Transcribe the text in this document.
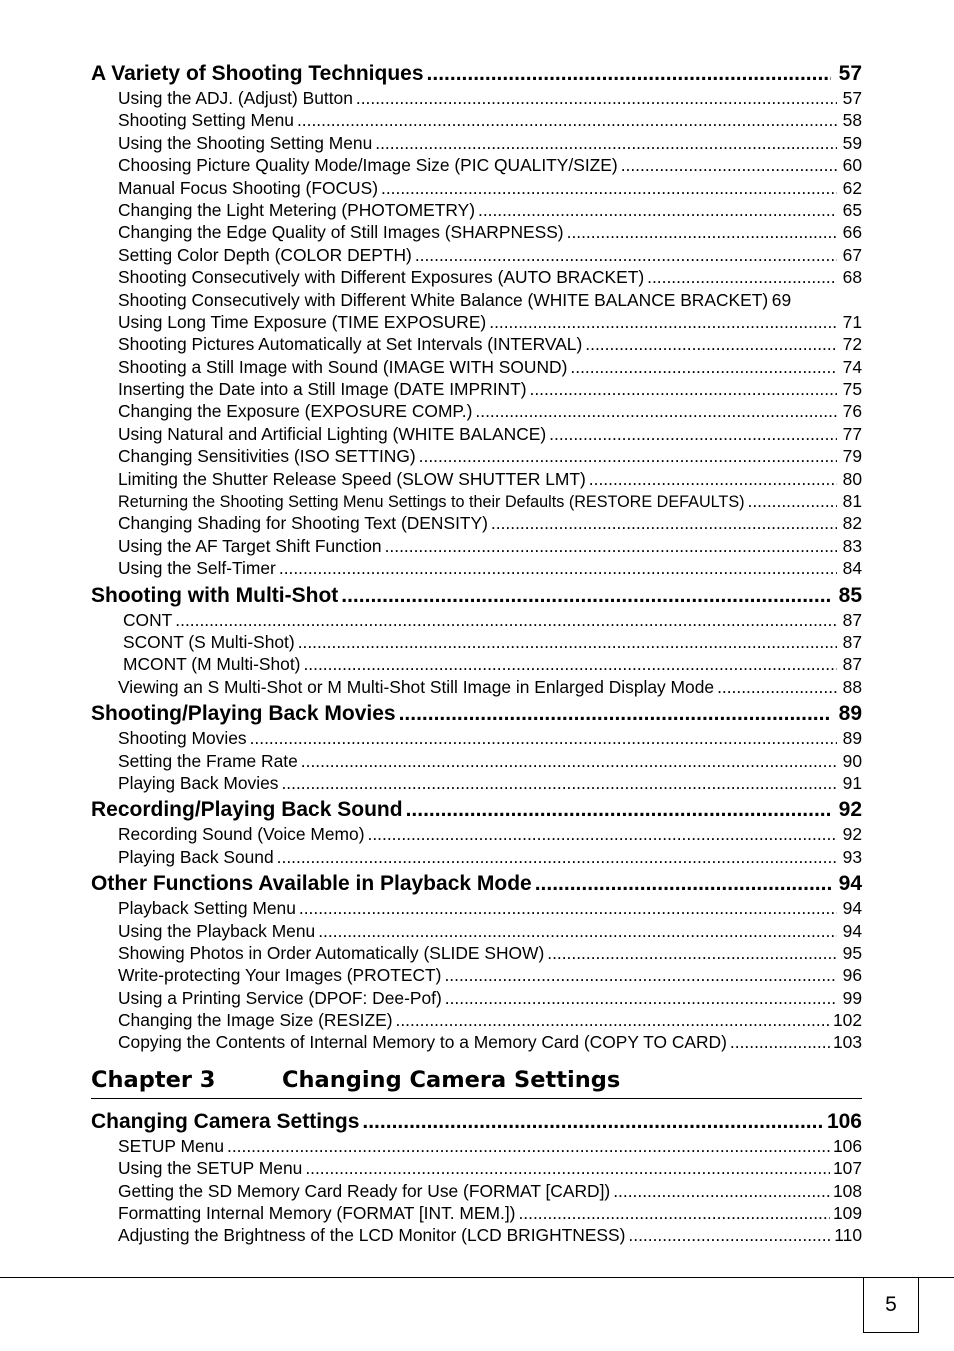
A Variety of Shooting Techniques .....	57
Using the ADJ. (Adjust) Button .....	57
Shooting Setting Menu .....	58
Using the Shooting Setting Menu .....	59
Choosing Picture Quality Mode/Image Size (PIC QUALITY/SIZE) .....	60
Manual Focus Shooting (FOCUS) .....	62
Changing the Light Metering (PHOTOMETRY) .....	65
Changing the Edge Quality of Still Images (SHARPNESS) .....	66
Setting Color Depth (COLOR DEPTH) .....	67
Shooting Consecutively with Different Exposures (AUTO BRACKET) .....	68
Shooting Consecutively with Different White Balance (WHITE BALANCE BRACKET) 69
Using Long Time Exposure (TIME EXPOSURE) .....	71
Shooting Pictures Automatically at Set Intervals (INTERVAL) .....	72
Shooting a Still Image with Sound (IMAGE WITH SOUND) .....	74
Inserting the Date into a Still Image (DATE IMPRINT) .....	75
Changing the Exposure (EXPOSURE COMP.) .....	76
Using Natural and Artificial Lighting (WHITE BALANCE) .....	77
Changing Sensitivities (ISO SETTING) .....	79
Limiting the Shutter Release Speed (SLOW SHUTTER LMT) .....	80
Returning the Shooting Setting Menu Settings to their Defaults (RESTORE DEFAULTS) .....	81
Changing Shading for Shooting Text (DENSITY) .....	82
Using the AF Target Shift Function .....	83
Using the Self-Timer .....	84
Shooting with Multi-Shot .....	85
CONT .....	87
SCONT (S Multi-Shot) .....	87
MCONT (M Multi-Shot) .....	87
Viewing an S Multi-Shot or M Multi-Shot Still Image in Enlarged Display Mode .....	88
Shooting/Playing Back Movies .....	89
Shooting Movies .....	89
Setting the Frame Rate .....	90
Playing Back Movies .....	91
Recording/Playing Back Sound .....	92
Recording Sound (Voice Memo) .....	92
Playing Back Sound .....	93
Other Functions Available in Playback Mode .....	94
Playback Setting Menu .....	94
Using the Playback Menu .....	94
Showing Photos in Order Automatically (SLIDE SHOW) .....	95
Write-protecting Your Images (PROTECT) .....	96
Using a Printing Service (DPOF: Dee-Pof) .....	99
Changing the Image Size (RESIZE) .....	102
Copying the Contents of Internal Memory to a Memory Card (COPY TO CARD) .....	103
Chapter 3	Changing Camera Settings
Changing Camera Settings .....	106
SETUP Menu .....	106
Using the SETUP Menu .....	107
Getting the SD Memory Card Ready for Use (FORMAT [CARD]) .....	108
Formatting Internal Memory (FORMAT [INT. MEM.]) .....	109
Adjusting the Brightness of the LCD Monitor (LCD BRIGHTNESS) .....	110
5
